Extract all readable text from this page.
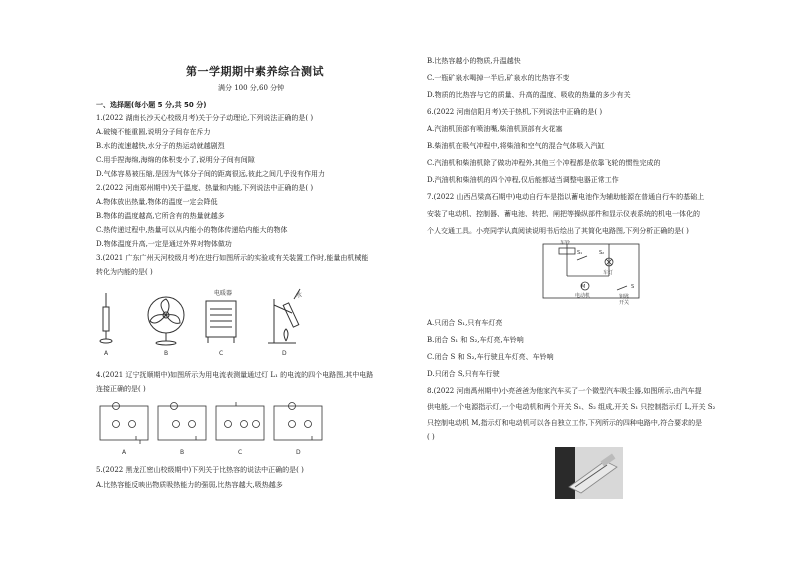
第一学期期中素养综合测试
满分 100 分,60 分钟
一、选择题(每小题 5 分,共 50 分)
1.(2022 湖南长沙天心校级月考)关于分子动理论,下列说法正确的是( )
A.破镜不能重圆,说明分子间存在斥力
B.水的流速越快,水分子的热运动就越剧烈
C.用手捏海绵,海绵的体积变小了,说明分子间有间隙
D.气体容易被压缩,是因为气体分子间的距离很远,彼此之间几乎没有作用力
2.(2022 河南郑州期中)关于温度、热量和内能,下列说法中正确的是( )
A.物体放出热量,物体的温度一定会降低
B.物体的温度越高,它所含有的热量就越多
C.热传递过程中,热量可以从内能小的物体传递给内能大的物体
D.物体温度升高,一定是通过外界对物体做功
3.(2021 广东广州天河校级月考)在进行如图所示的实验或有关装置工作时,能量由机械能
转化为内能的是( )
电暖器	水
A	B	C	D
4.(2021 辽宁抚顺期中)如图所示为用电流表测量通过灯 L₁ 的电流的四个电路图,其中电路
连接正确的是( )
A	B	C	D
5.(2022 黑龙江密山校级期中)下列关于比热容的说法中正确的是( )
A.比热容能反映出物质吸热能力的强弱,比热容越大,吸热越多
B.比热容越小的物质,升温越快
C.一瓶矿泉水喝掉一半后,矿泉水的比热容不变
D.物质的比热容与它的质量、升高的温度、吸收的热量的多少有关
6.(2022 河南信阳月考)关于热机,下列说法中正确的是( )
A.汽油机顶部有喷油嘴,柴油机顶部有火花塞
B.柴油机在吸气冲程中,将柴油和空气的混合气体吸入汽缸
C.汽油机和柴油机除了做功冲程外,其他三个冲程都是依靠飞轮的惯性完成的
D.汽油机和柴油机的四个冲程,仅后能都适当调整电器正常工作
7.(2022 山西吕梁高石期中)电动自行车是指以蓄电池作为辅助能源在普通自行车的基础上
安装了电动机、控制器、蓄电池、转把、闸把等操纵部件和显示仪表系统的机电一体化的
个人交通工具。小亮同学认真阅读说明书后绘出了其简化电路图,下列分析正确的是( )
M
车铃
车灯
电动机	钥匙
开关
S₁	S₂
S
A.只闭合 S₁,只有车灯亮
B.闭合 S₁ 和 S₂,车灯亮,车铃响
C.闭合 S 和 S₂,车行驶且车灯亮、车铃响
D.只闭合 S,只有车行驶
8.(2022 河南禹州期中)小亮爸爸为他家汽车买了一个微型汽车吸尘器,如图所示,由汽车提
供电能,一个电源指示灯,一个电动机和两个开关 S₁、S₂ 组成,开关 S₁ 只控制指示灯 L,开关 S₂
只控制电动机 M,指示灯和电动机可以各自独立工作,下列所示的四种电路中,符合要求的是
( )
